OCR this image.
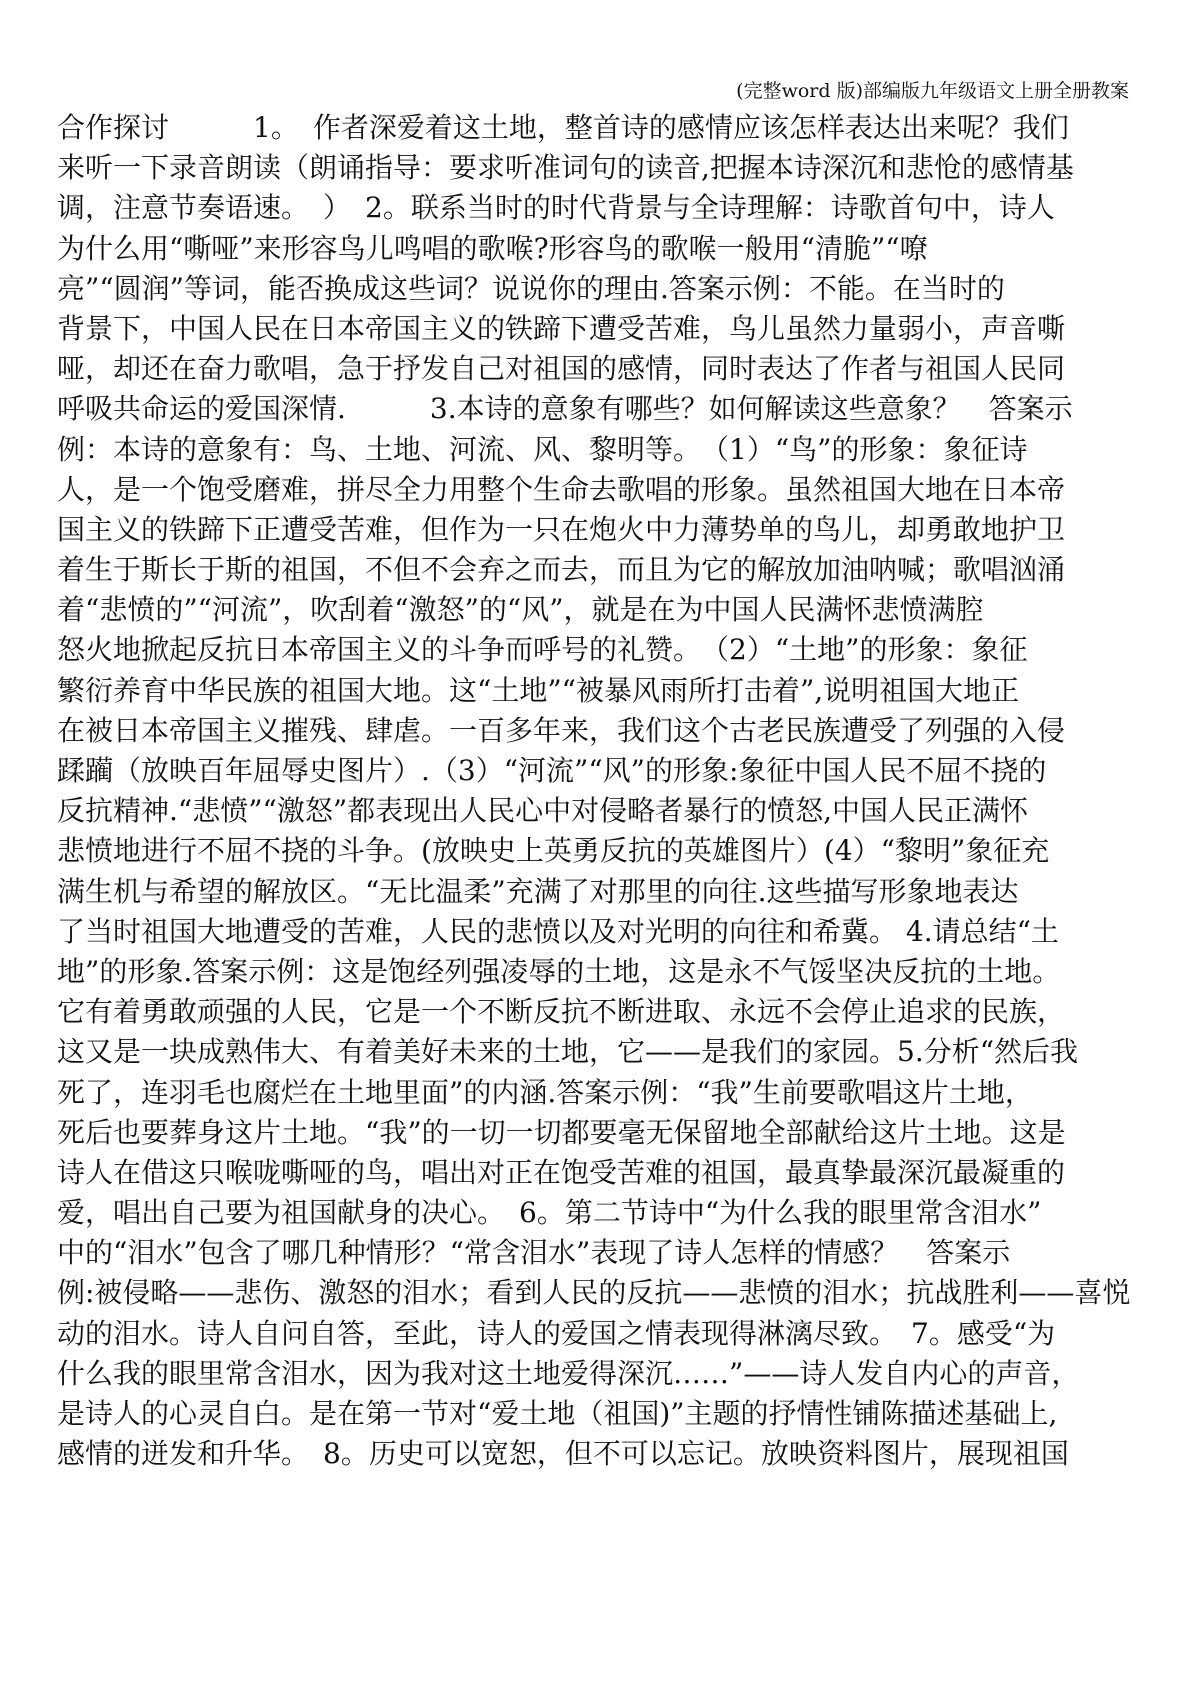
(完整word 版)部编版九年级语文上册全册教案
合作探讨　　　1。　作者深爱着这土地，整首诗的感情应该怎样表达出来呢？我们
来听一下录音朗读（朗诵指导：要求听准词句的读音,把握本诗深沉和悲怆的感情基
调，注意节奏语速。　）　2。联系当时的时代背景与全诗理解：诗歌首句中，诗人
为什么用“嘶哑”来形容鸟儿鸣唱的歌喉?形容鸟的歌喉一般用“清脆”“嘹
亮”“圆润”等词，能否换成这些词？说说你的理由.答案示例：不能。在当时的
背景下，中国人民在日本帝国主义的铁蹄下遭受苦难，鸟儿虽然力量弱小，声音嘶
哑，却还在奋力歌唱，急于抒发自己对祖国的感情，同时表达了作者与祖国人民同
呼吸共命运的爱国深情.　　　3.本诗的意象有哪些？如何解读这些意象？　答案示
例：本诗的意象有：鸟、土地、河流、风、黎明等。　（1）“鸟”的形象：象征诗
人，是一个饱受磨难，拼尽全力用整个生命去歌唱的形象。虽然祖国大地在日本帝
国主义的铁蹄下正遭受苦难，但作为一只在炮火中力薄势单的鸟儿，却勇敢地护卫
着生于斯长于斯的祖国，不但不会弃之而去，而且为它的解放加油呐喊；歌唱汹涌
着“悲愤的”“河流”，吹刮着“激怒”的“风”，就是在为中国人民满怀悲愤满腔
怒火地掀起反抗日本帝国主义的斗争而呼号的礼赞。　（2）“土地”的形象：象征
繁衍养育中华民族的祖国大地。这“土地”“被暴风雨所打击着”,说明祖国大地正
在被日本帝国主义摧残、肆虐。一百多年来，我们这个古老民族遭受了列强的入侵
蹂躏（放映百年屈辱史图片）.（3）“河流”“风”的形象:象征中国人民不屈不挠的
反抗精神.“悲愤”“激怒”都表现出人民心中对侵略者暴行的愤怒,中国人民正满怀
悲愤地进行不屈不挠的斗争。(放映史上英勇反抗的英雄图片）(4）“黎明”象征充
满生机与希望的解放区。“无比温柔”充满了对那里的向往.这些描写形象地表达
了当时祖国大地遭受的苦难，人民的悲愤以及对光明的向往和希冀。 4.请总结“土
地”的形象.答案示例：这是饱经列强凌辱的土地，这是永不气馁坚决反抗的土地。
它有着勇敢顽强的人民，它是一个不断反抗不断进取、永远不会停止追求的民族，
这又是一块成熟伟大、有着美好未来的土地，它——是我们的家园。5.分析“然后我
死了，连羽毛也腐烂在土地里面”的内涵.答案示例：“我”生前要歌唱这片土地，
死后也要葬身这片土地。“我”的一切一切都要毫无保留地全部献给这片土地。这是
诗人在借这只喉咙嘶哑的鸟，唱出对正在饱受苦难的祖国，最真挚最深沉最凝重的
爱，唱出自己要为祖国献身的决心。　6。第二节诗中“为什么我的眼里常含泪水”
中的“泪水”包含了哪几种情形？“常含泪水”表现了诗人怎样的情感？　答案示
例:被侵略——悲伤、激怒的泪水；看到人民的反抗——悲愤的泪水；抗战胜利——喜悦
动的泪水。诗人自问自答，至此，诗人的爱国之情表现得淋漓尽致。　7。感受“为
什么我的眼里常含泪水，因为我对这土地爱得深沉……”——诗人发自内心的声音，
是诗人的心灵自白。是在第一节对“爱土地（祖国)”主题的抒情性铺陈描述基础上,
感情的迸发和升华。　8。历史可以宽恕，但不可以忘记。放映资料图片，展现祖国
